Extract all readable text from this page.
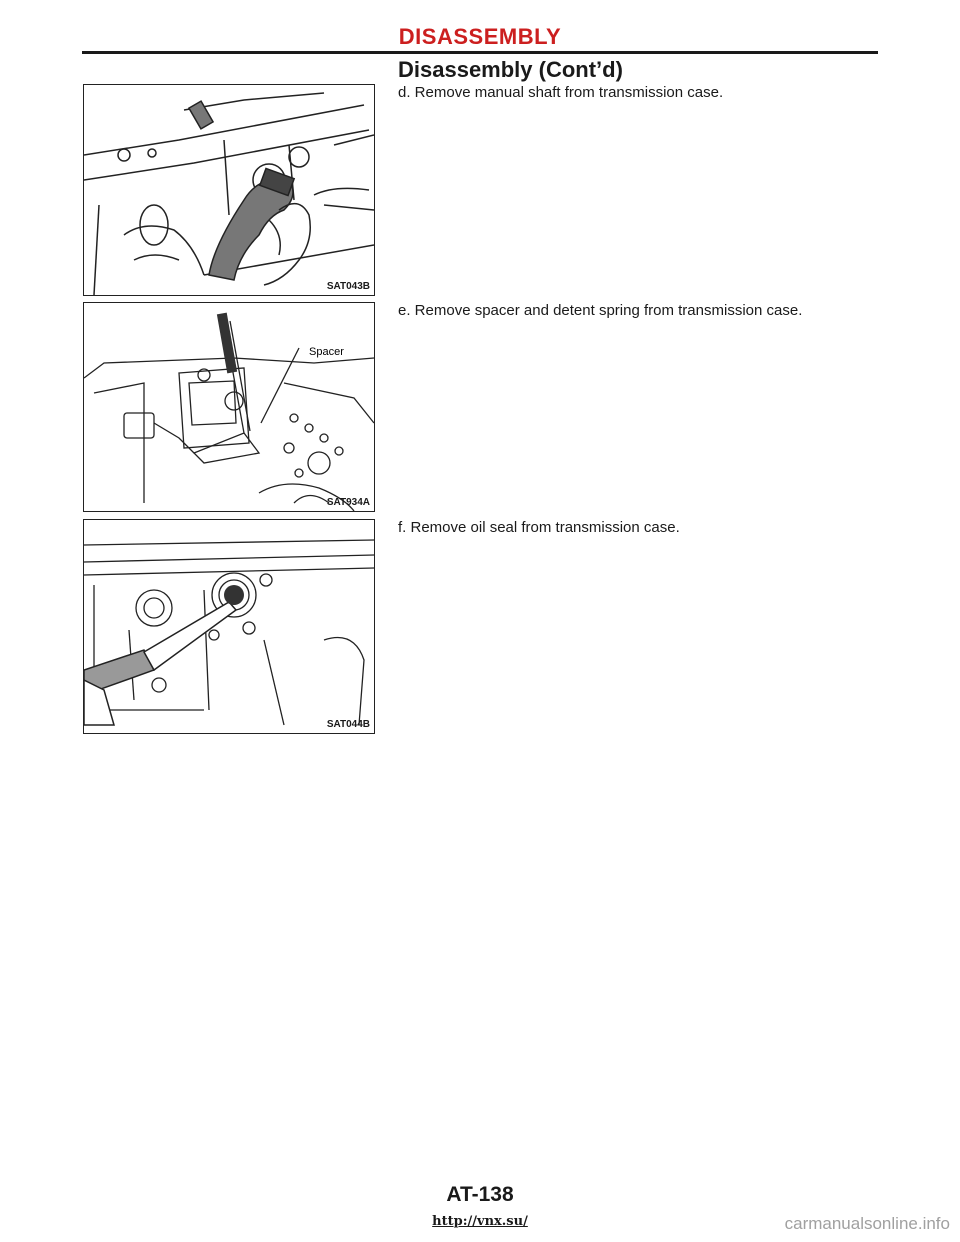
DISASSEMBLY
Disassembly (Cont’d)
SAT043B
d. Remove manual shaft from transmission case.
Spacer
SAT934A
e. Remove spacer and detent spring from transmission case.
SAT044B
f. Remove oil seal from transmission case.
AT-138
http://vnx.su/	carmanualsonline.info
